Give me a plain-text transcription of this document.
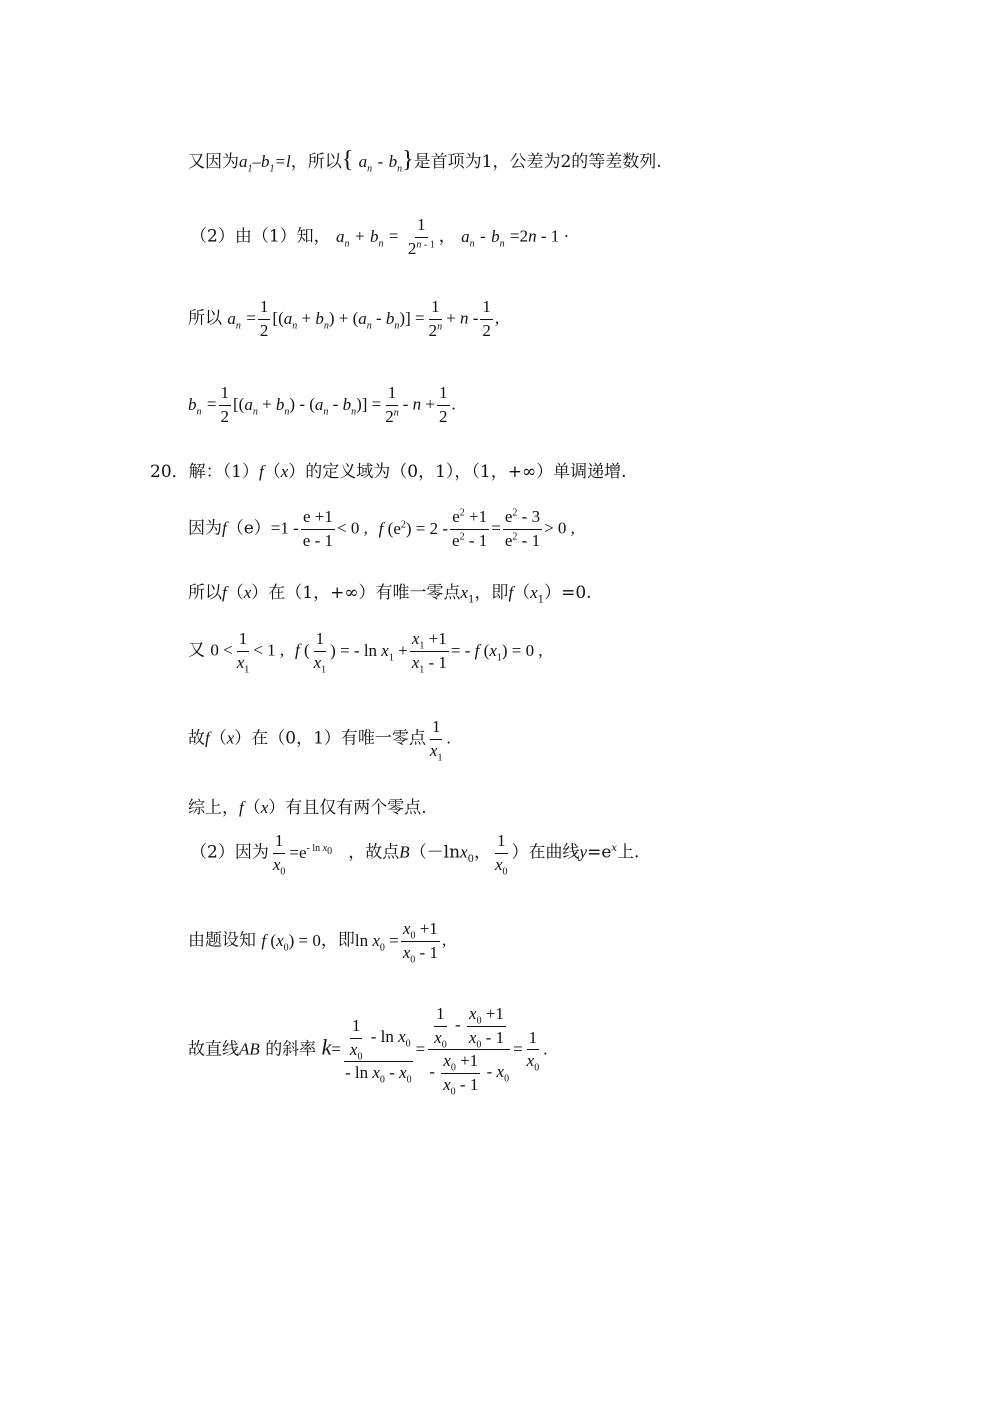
又因为$a_1-b_1=l$，所以{ $a_n - b_n$}是首项为1，公差为2的等差数列.
（2）由（1）知， $a_n + b_n = \frac{1}{2^{n - 1}}$ ， $a_n - b_n =2n - 1$ ·
所以 $a_n = \frac{1}{2} [(a_n + b_n) + (a_n - b_n)] = \frac{1}{2^n} + n - \frac{1}{2}$ ,
$b_n = \frac{1}{2} [(a_n + b_n) - (a_n - b_n)] = \frac{1}{2^n} - n + \frac{1}{2}$ .
20．解：（1）f（x）的定义域为（0，1），（1，+∞）单调递增.
因为$f(e)=1 - \frac{e +1}{e - 1} < 0$ , f $(e^2) = 2 - \frac{e^2 +1}{e^2 - 1} = \frac{e^2 - 3}{e^2 - 1} > 0$ ,
所以f（x）在（1，+∞）有唯一零点$x_1$，即$f(x_1)=0$.
又 $0 < \frac{1}{x_1} < 1$ , f ( $\frac{1}{x_1}$ ) = - $\ln x_1 + \frac{x_1 +1}{x_1 - 1}$ = - f $(x_1) = 0$ ,
故f（x）在（0，1）有唯一零点 $\frac{1}{x_1}$ .
综上，f（x）有且仅有两个零点.
（2）因为 $\frac{1}{x_0} =e^{- ln x_0}$ ，故点B（－lnx$_0$， $\frac{1}{x_0}$ ）在曲线$y=e^x$上.
由题设知 f $(x_0) = 0$，即$\ln x_0 = \frac{x_0 +1}{x_0 - 1}$ ,
故直线AB 的斜率 $k= \frac{\frac{1}{x_0} - \ln x_0}{- \ln x_0 - x_0} = \frac{\frac{1}{x_0} - \frac{x_0 +1}{x_0 - 1}}{- \frac{x_0 +1}{x_0 - 1} - x_0} = \frac{1}{x_0}$ .
